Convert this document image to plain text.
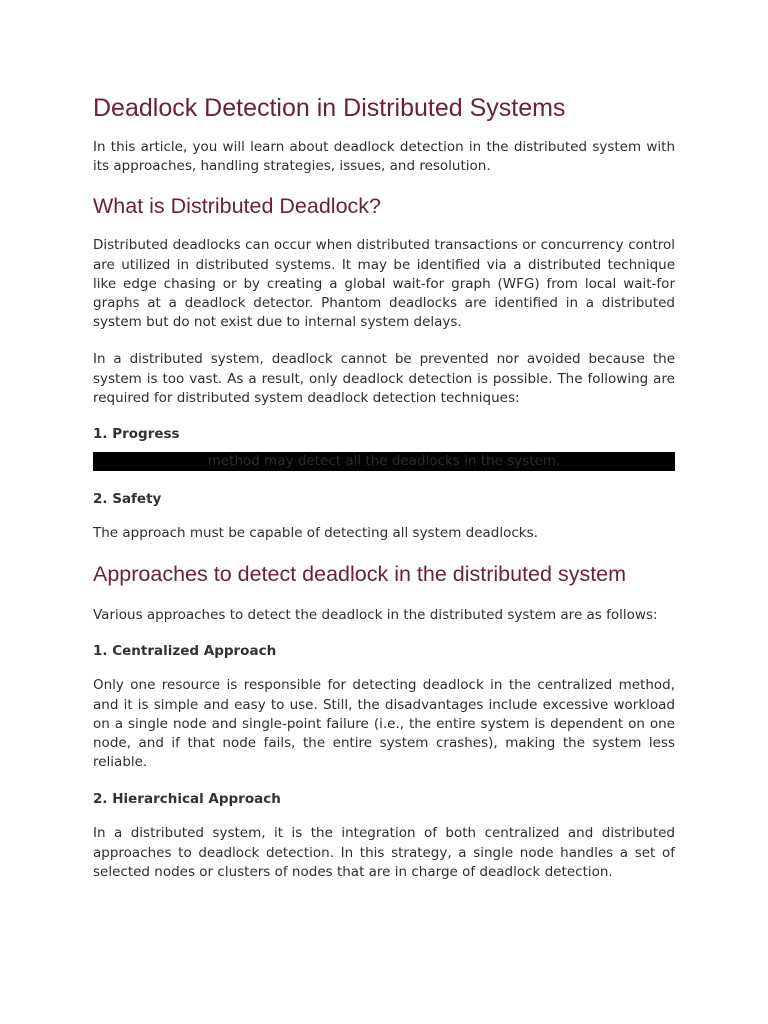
Deadlock Detection in Distributed Systems

In this article, you will learn about deadlock detection in the distributed system with its approaches, handling strategies, issues, and resolution.

What is Distributed Deadlock?

Distributed deadlocks can occur when distributed transactions or concurrency control are utilized in distributed systems. It may be identified via a distributed technique like edge chasing or by creating a global wait-for graph (WFG) from local wait-for graphs at a deadlock detector. Phantom deadlocks are identified in a distributed system but do not exist due to internal system delays.

In a distributed system, deadlock cannot be prevented nor avoided because the system is too vast. As a result, only deadlock detection is possible. The following are required for distributed system deadlock detection techniques:

1. Progress
method may detect all the deadlocks in the system.
2. Safety

The approach must be capable of detecting all system deadlocks.

Approaches to detect deadlock in the distributed system

Various approaches to detect the deadlock in the distributed system are as follows:

1. Centralized Approach

Only one resource is responsible for detecting deadlock in the centralized method, and it is simple and easy to use. Still, the disadvantages include excessive workload on a single node and single-point failure (i.e., the entire system is dependent on one node, and if that node fails, the entire system crashes), making the system less reliable.

2. Hierarchical Approach

In a distributed system, it is the integration of both centralized and distributed approaches to deadlock detection. In this strategy, a single node handles a set of selected nodes or clusters of nodes that are in charge of deadlock detection.
